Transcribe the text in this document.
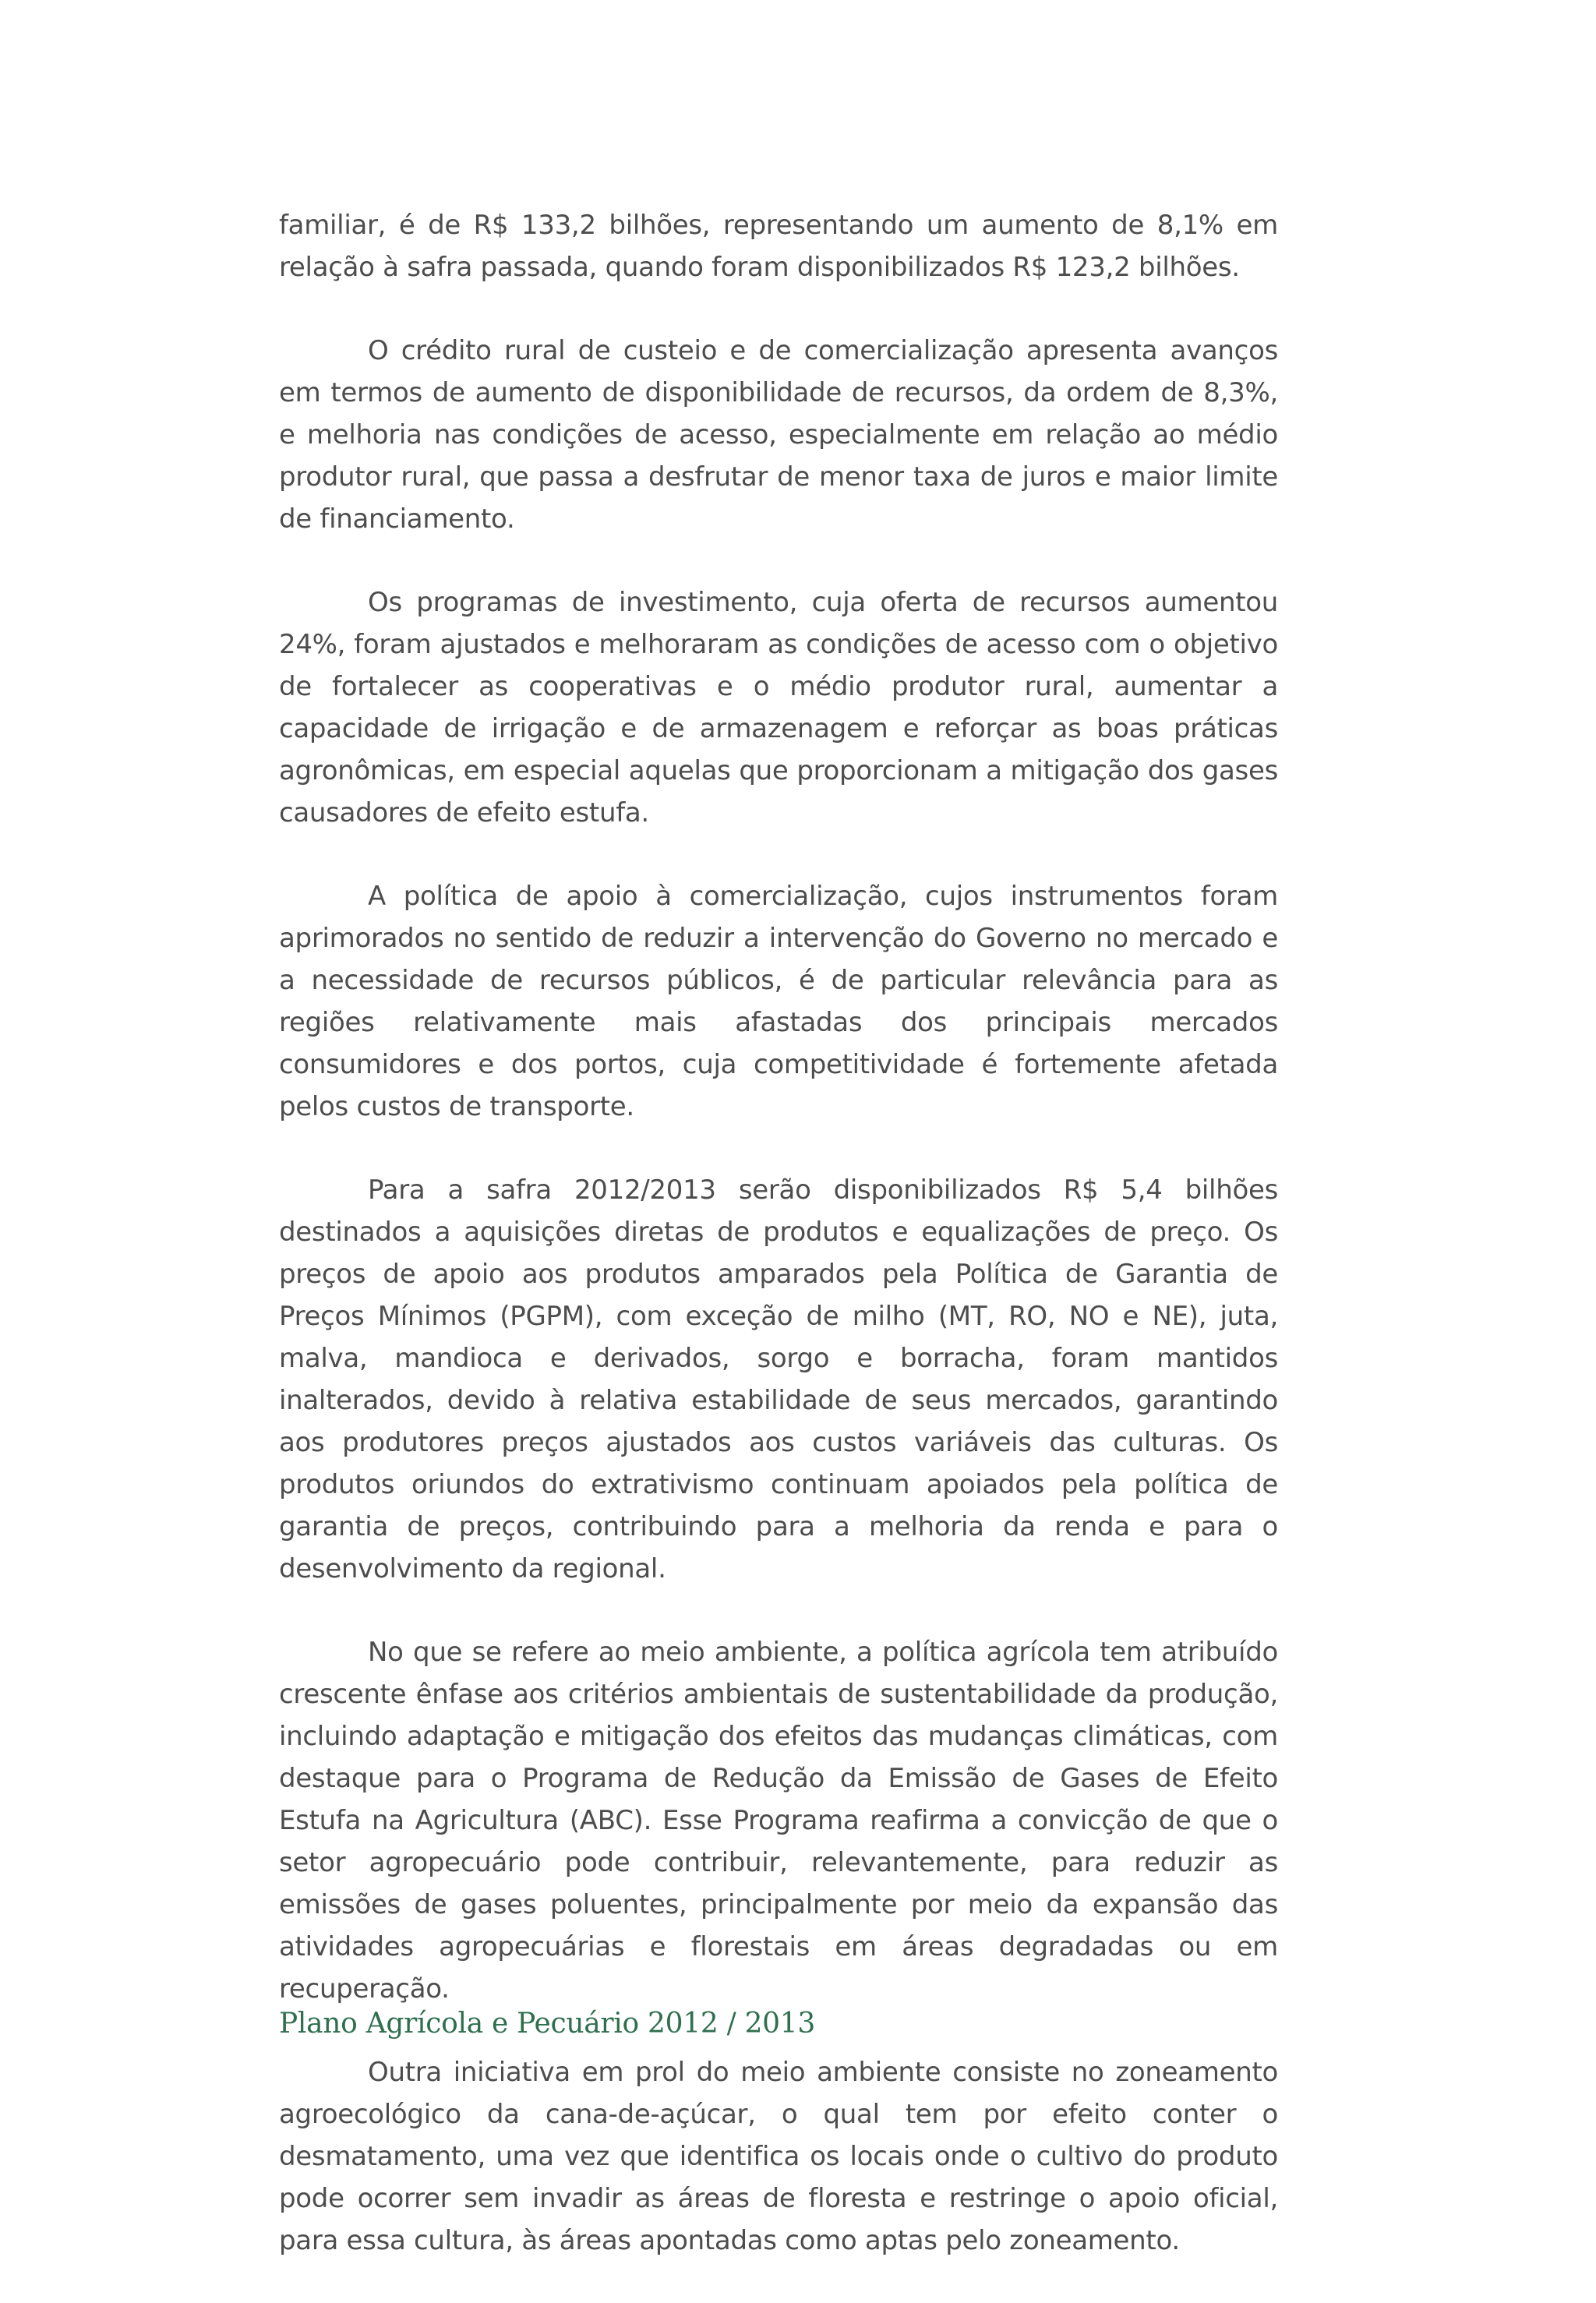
familiar, é de R$ 133,2 bilhões, representando um aumento de 8,1% em relação à safra passada, quando foram disponibilizados R$ 123,2 bilhões.

O crédito rural de custeio e de comercialização apresenta avanços em termos de aumento de disponibilidade de recursos, da ordem de 8,3%, e melhoria nas condições de acesso, especialmente em relação ao médio produtor rural, que passa a desfrutar de menor taxa de juros e maior limite de financiamento.

Os programas de investimento, cuja oferta de recursos aumentou 24%, foram ajustados e melhoraram as condições de acesso com o objetivo de fortalecer as cooperativas e o médio produtor rural, aumentar a capacidade de irrigação e de armazenagem e reforçar as boas práticas agronômicas, em especial aquelas que proporcionam a mitigação dos gases causadores de efeito estufa.

A política de apoio à comercialização, cujos instrumentos foram aprimorados no sentido de reduzir a intervenção do Governo no mercado e a necessidade de recursos públicos, é de particular relevância para as regiões relativamente mais afastadas dos principais mercados consumidores e dos portos, cuja competitividade é fortemente afetada pelos custos de transporte.

Para a safra 2012/2013 serão disponibilizados R$ 5,4 bilhões destinados a aquisições diretas de produtos e equalizações de preço. Os preços de apoio aos produtos amparados pela Política de Garantia de Preços Mínimos (PGPM), com exceção de milho (MT, RO, NO e NE), juta, malva, mandioca e derivados, sorgo e borracha, foram mantidos inalterados, devido à relativa estabilidade de seus mercados, garantindo aos produtores preços ajustados aos custos variáveis das culturas. Os produtos oriundos do extrativismo continuam apoiados pela política de garantia de preços, contribuindo para a melhoria da renda e para o desenvolvimento da regional.

No que se refere ao meio ambiente, a política agrícola tem atribuído crescente ênfase aos critérios ambientais de sustentabilidade da produção, incluindo adaptação e mitigação dos efeitos das mudanças climáticas, com destaque para o Programa de Redução da Emissão de Gases de Efeito Estufa na Agricultura (ABC). Esse Programa reafirma a convicção de que o setor agropecuário pode contribuir, relevantemente, para reduzir as emissões de gases poluentes, principalmente por meio da expansão das atividades agropecuárias e florestais em áreas degradadas ou em recuperação.

Outra iniciativa em prol do meio ambiente consiste no zoneamento agroecológico da cana-de-açúcar, o qual tem por efeito conter o desmatamento, uma vez que identifica os locais onde o cultivo do produto pode ocorrer sem invadir as áreas de floresta e restringe o apoio oficial, para essa cultura, às áreas apontadas como aptas pelo zoneamento.

Plano Agrícola e Pecuário 2012 / 2013
